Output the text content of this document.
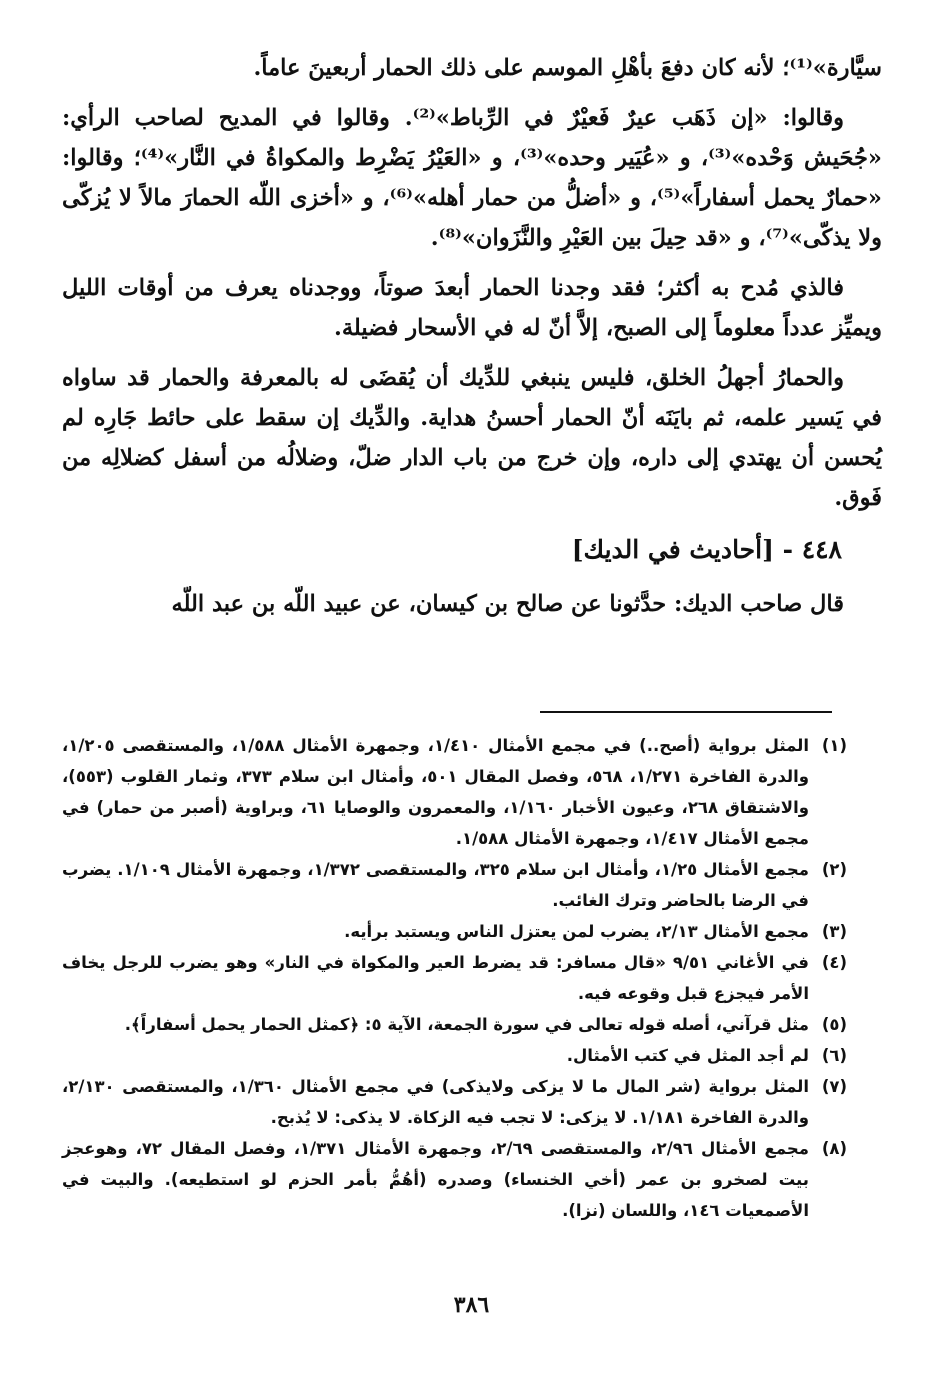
سيَّارة»⁽¹⁾؛ لأنه كان دفعَ بأهْلِ الموسم على ذلك الحمار أربعينَ عاماً.

وقالوا: «إن ذَهَب عيرٌ فَعيْرٌ في الرِّباط»⁽²⁾. وقالوا في المديح لصاحب الرأي: «جُحَيش وَحْده»⁽³⁾، و «عُيَير وحده»⁽³⁾، و «العَيْرُ يَضْرِط والمكواةُ في النَّار»⁽⁴⁾؛ وقالوا: «حمارٌ يحمل أسفاراً»⁽⁵⁾، و «أضلُّ من حمار أهله»⁽⁶⁾، و «أخزى اللّه الحمارَ مالاً لا يُزكّى ولا يذكّى»⁽⁷⁾، و «قد حِيلَ بين العَيْرِ والنَّزَوان»⁽⁸⁾.

فالذي مُدح به أكثر؛ فقد وجدنا الحمار أبعدَ صوتاً، ووجدناه يعرف من أوقات الليل ويميِّز عدداً معلوماً إلى الصبح، إلاَّ أنّ له في الأسحار فضيلة.

والحمارُ أجهلُ الخلق، فليس ينبغي للدِّيك أن يُقضَى له بالمعرفة والحمار قد ساواه في يَسير علمه، ثم بايَنَه أنّ الحمار أحسنُ هداية. والدِّيك إن سقط على حائط جَارِه لم يُحسن أن يهتدي إلى داره، وإن خرج من باب الدار ضلّ، وضلالُه من أسفل كضلالِه من فَوق.

٤٤٨ - [أحاديث في الديك]

قال صاحب الديك: حدَّثونا عن صالح بن كيسان، عن عبيد اللّه بن عبد اللّه

(١)
المثل برواية (أصح..) في مجمع الأمثال ١/٤١٠، وجمهرة الأمثال ١/٥٨٨، والمستقصى ١/٢٠٥، والدرة الفاخرة ١/٢٧١، ٥٦٨، وفصل المقال ٥٠١، وأمثال ابن سلام ٣٧٣، وثمار القلوب (٥٥٣)، والاشتقاق ٢٦٨، وعيون الأخبار ١/١٦٠، والمعمرون والوصايا ٦١، وبراوية (أصبر من حمار) في مجمع الأمثال ١/٤١٧، وجمهرة الأمثال ١/٥٨٨.
(٢)
مجمع الأمثال ١/٢٥، وأمثال ابن سلام ٣٢٥، والمستقصى ١/٣٧٢، وجمهرة الأمثال ١/١٠٩. يضرب في الرضا بالحاضر وترك الغائب.
(٣)
مجمع الأمثال ٢/١٣، يضرب لمن يعتزل الناس ويستبد برأيه.
(٤)
في الأغاني ٩/٥١ «قال مسافر: قد يضرط العير والمكواة في النار» وهو يضرب للرجل يخاف الأمر فيجزع قبل وقوعه فيه.
(٥)
مثل قرآني، أصله قوله تعالى في سورة الجمعة، الآية ٥: ﴿كمثل الحمار يحمل أسفاراً﴾.
(٦)
لم أجد المثل في كتب الأمثال.
(٧)
المثل برواية (شر المال ما لا يزكى ولايذكى) في مجمع الأمثال ١/٣٦٠، والمستقصى ٢/١٣٠، والدرة الفاخرة ١/١٨١. لا يزكى: لا تجب فيه الزكاة. لا يذكى: لا يُذبح.
(٨)
مجمع الأمثال ٢/٩٦، والمستقصى ٢/٦٩، وجمهرة الأمثال ١/٣٧١، وفصل المقال ٧٢، وهوعجز بيت لصخرو بن عمر (أخي الخنساء) وصدره (أهُمُّ بأمر الحزم لو استطيعه). والبيت في الأصمعيات ١٤٦، واللسان (نزا).
٣٨٦
